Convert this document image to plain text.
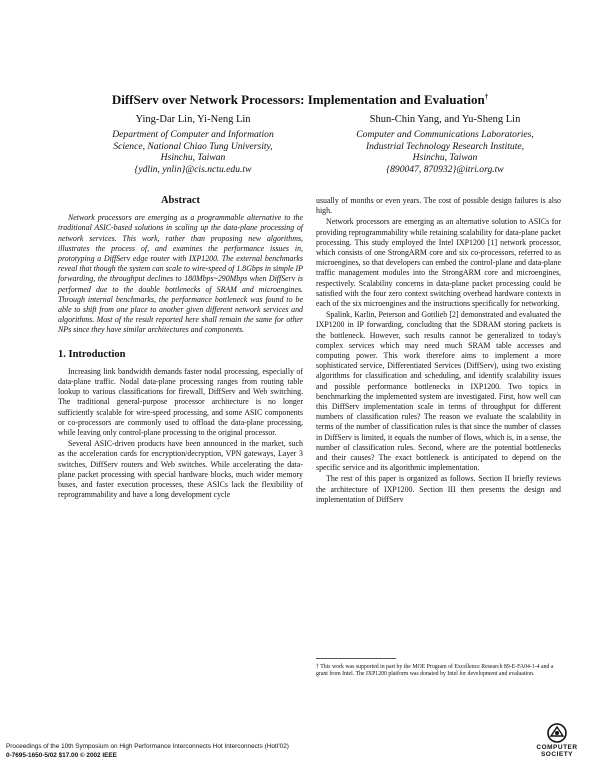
DiffServ over Network Processors: Implementation and Evaluation†
Ying-Dar Lin, Yi-Neng Lin
Department of Computer and Information
Science, National Chiao Tung University,
Hsinchu, Taiwan
{ydlin, ynlin}@cis.nctu.edu.tw
Shun-Chin Yang, and Yu-Sheng Lin
Computer and Communications Laboratories,
Industrial Technology Research Institute,
Hsinchu, Taiwan
{890047, 870932}@itri.org.tw
Abstract

Network processors are emerging as a programmable alternative to the traditional ASIC-based solutions in scaling up the data-plane processing of network services. This work, rather than proposing new algorithms, illustrates the process of, and examines the performance issues in, prototyping a DiffServ edge router with IXP1200. The external benchmarks reveal that though the system can scale to wire-speed of 1.8Gbps in simple IP forwarding, the throughput declines to 180Mbps~290Mbps when DiffServ is performed due to the double bottlenecks of SRAM and microengines. Through internal benchmarks, the performance bottleneck was found to be able to shift from one place to another given different network services and algorithms. Most of the result reported here shall remain the same for other NPs since they have similar architectures and components.

1. Introduction

Increasing link bandwidth demands faster nodal processing, especially of data-plane traffic. Nodal data-plane processing ranges from routing table lookup to various classifications for firewall, DiffServ and Web switching. The traditional general-purpose processor architecture is no longer sufficiently scalable for wire-speed processing, and some ASIC components or co-processors are commonly used to offload the data-plane processing, while leaving only control-plane processing to the original processor.

Several ASIC-driven products have been announced in the market, such as the acceleration cards for encryption/decryption, VPN gateways, Layer 3 switches, DiffServ routers and Web switches. While accelerating the data-plane packet processing with special hardware blocks, much wider memory buses, and faster execution processes, these ASICs lack the flexibility of reprogrammability and have a long development cycle

usually of months or even years. The cost of possible design failures is also high.

Network processors are emerging as an alternative solution to ASICs for providing reprogrammability while retaining scalability for data-plane packet processing. This study employed the Intel IXP1200 [1] network processor, which consists of one StrongARM core and six co-processors, referred to as microengines, so that developers can embed the control-plane and data-plane traffic management modules into the StrongARM core and microengines, respectively. Scalability concerns in data-plane packet processing could be satisfied with the four zero context switching overhead hardware contexts in each of the six microengines and the instructions specifically for networking.

Spalink, Karlin, Peterson and Gottlieb [2] demonstrated and evaluated the IXP1200 in IP forwarding, concluding that the SDRAM storing packets is the bottleneck. However, such results cannot be generalized to today's complex services which may need much SRAM table accesses and computing power. This work therefore aims to implement a more sophisticated service, Differentiated Services (DiffServ), using two existing algorithms for classification and scheduling, and identify scalability issues and possible performance bottlenecks in IXP1200. Two topics in benchmarking the implemented system are investigated. First, how well can this DiffServ implementation scale in terms of throughput for different numbers of classification rules? The reason we evaluate the scalability in terms of the number of classification rules is that since the number of classes in DiffServ is limited, it equals the number of flows, which is, in a sense, the number of classification rules. Second, where are the potential bottlenecks and their causes? The exact bottleneck is anticipated to depend on the specific service and its algorithmic implementation.

The rest of this paper is organized as follows. Section II briefly reviews the architecture of IXP1200. Section III then presents the design and implementation of DiffServ

† This work was supported in part by the MOE Program of Excellence Research 89-E-FA04-1-4 and a grant from Intel. The IXP1200 platform was donated by Intel for development and evaluation.
Proceedings of the 10th Symposium on High Performance Interconnects Hot Interconnects (HotI'02)
0-7695-1650-5/02 $17.00 © 2002 IEEE
COMPUTER
SOCIETY
